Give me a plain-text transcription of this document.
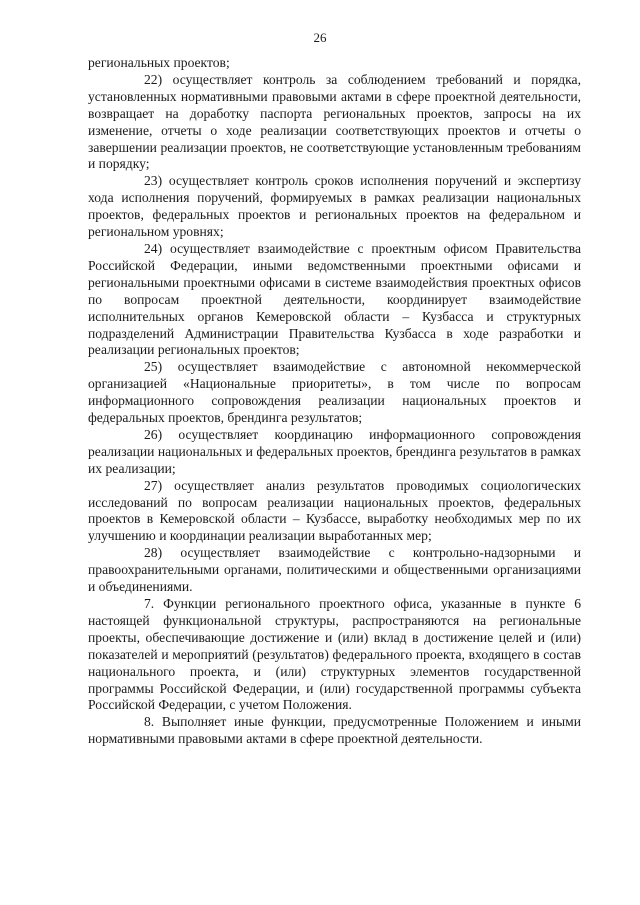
26

региональных проектов;

22) осуществляет контроль за соблюдением требований и порядка, установленных нормативными правовыми актами в сфере проектной деятельности, возвращает на доработку паспорта региональных проектов, запросы на их изменение, отчеты о ходе реализации соответствующих проектов и отчеты о завершении реализации проектов, не соответствующие установленным требованиям и порядку;

23) осуществляет контроль сроков исполнения поручений и экспертизу хода исполнения поручений, формируемых в рамках реализации национальных проектов, федеральных проектов и региональных проектов на федеральном и региональном уровнях;

24) осуществляет взаимодействие с проектным офисом Правительства Российской Федерации, иными ведомственными проектными офисами и региональными проектными офисами в системе взаимодействия проектных офисов по вопросам проектной деятельности, координирует взаимодействие исполнительных органов Кемеровской области – Кузбасса и структурных подразделений Администрации Правительства Кузбасса в ходе разработки и реализации региональных проектов;

25) осуществляет взаимодействие с автономной некоммерческой организацией «Национальные приоритеты», в том числе по вопросам информационного сопровождения реализации национальных проектов и федеральных проектов, брендинга результатов;

26) осуществляет координацию информационного сопровождения реализации национальных и федеральных проектов, брендинга результатов в рамках их реализации;

27) осуществляет анализ результатов проводимых социологических исследований по вопросам реализации национальных проектов, федеральных проектов в Кемеровской области – Кузбассе, выработку необходимых мер по их улучшению и координации реализации выработанных мер;

28) осуществляет взаимодействие с контрольно-надзорными и правоохранительными органами, политическими и общественными организациями и объединениями.

7. Функции регионального проектного офиса, указанные в пункте 6 настоящей функциональной структуры, распространяются на региональные проекты, обеспечивающие достижение и (или) вклад в достижение целей и (или) показателей и мероприятий (результатов) федерального проекта, входящего в состав национального проекта, и (или) структурных элементов государственной программы Российской Федерации, и (или) государственной программы субъекта Российской Федерации, с учетом Положения.

8. Выполняет иные функции, предусмотренные Положением и иными нормативными правовыми актами в сфере проектной деятельности.
